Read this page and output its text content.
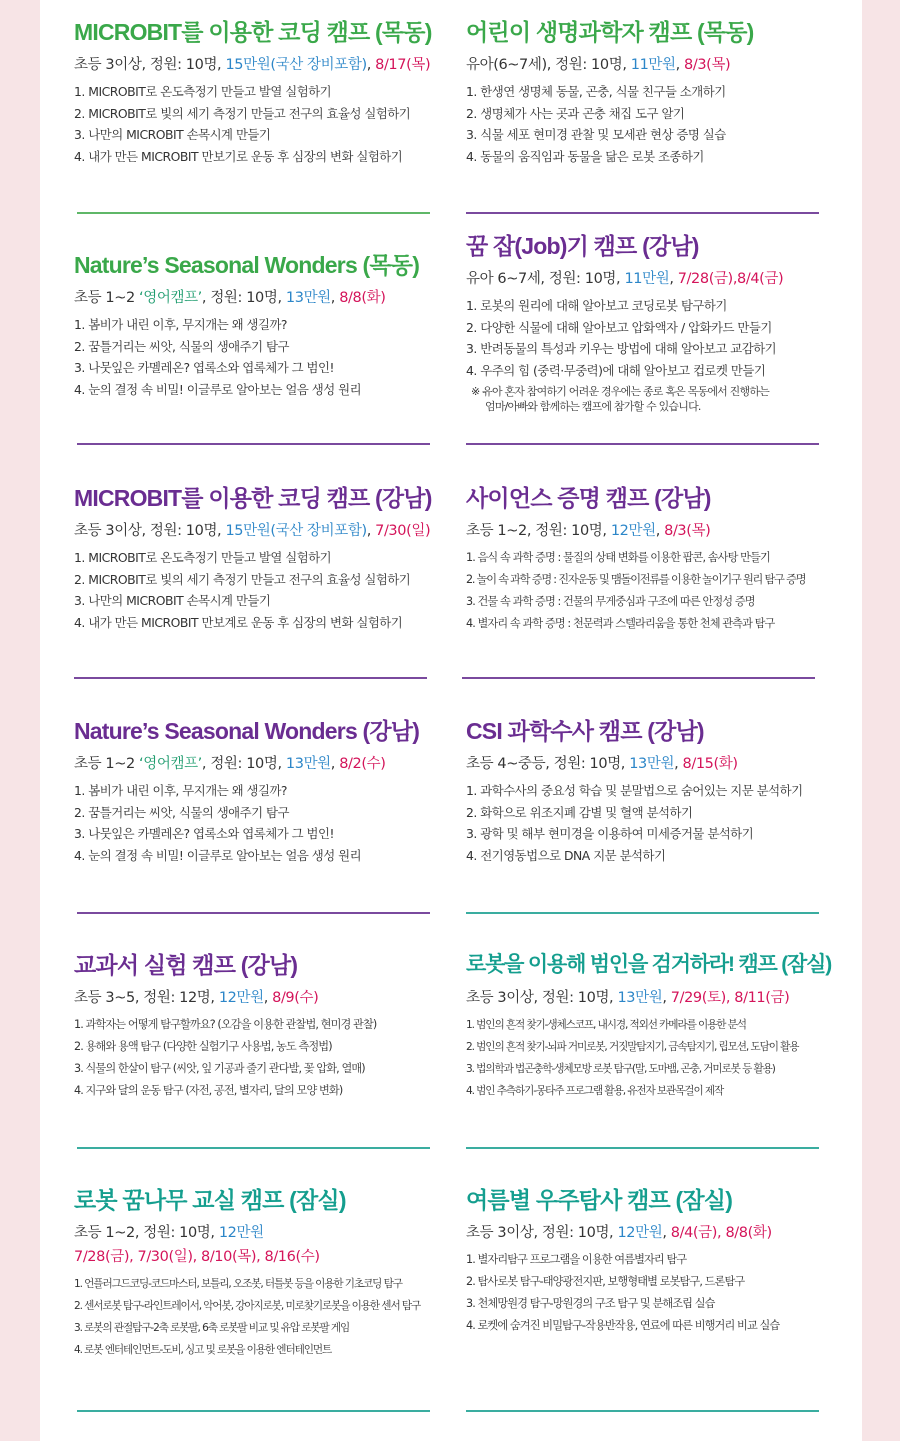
MICROBIT를 이용한 코딩 캠프 (목동)

초등 3이상, 정원: 10명, 15만원(국산 장비포함), 8/17(목)

1. MICROBIT로 온도측정기 만들고 발열 실험하기
2. MICROBIT로 빛의 세기 측정기 만들고 전구의 효율성 실험하기
3. 나만의 MICROBIT 손목시계 만들기
4. 내가 만든 MICROBIT 만보기로 운동 후 심장의 변화 실험하기
어린이 생명과학자 캠프 (목동)

유아(6~7세), 정원: 10명, 11만원, 8/3(목)

1. 한생연 생명체 동물, 곤충, 식물 친구들 소개하기
2. 생명체가 사는 곳과 곤충 채집 도구 알기
3. 식물 세포 현미경 관찰 및 모세관 현상 증명 실습
4. 동물의 움직임과 동물을 닮은 로봇 조종하기
Nature’s Seasonal Wonders (목동)

초등 1~2 ‘영어캠프’, 정원: 10명, 13만원, 8/8(화)

1. 봄비가 내린 이후, 무지개는 왜 생길까?
2. 꿈틀거리는 씨앗, 식물의 생애주기 탐구
3. 나뭇잎은 카멜레온? 엽록소와 엽록체가 그 범인!
4. 눈의 결정 속 비밀! 이글루로 알아보는 얼음 생성 원리
꿈 잡(Job)기 캠프 (강남)

유아 6~7세, 정원: 10명, 11만원, 7/28(금),8/4(금)

1. 로봇의 원리에 대해 알아보고 코딩로봇 탐구하기
2. 다양한 식물에 대해 알아보고 압화액자 / 압화카드 만들기
3. 반려동물의 특성과 키우는 방법에 대해 알아보고 교감하기
4. 우주의 힘 (중력·무중력)에 대해 알아보고 컵로켓 만들기
※ 유아 혼자 참여하기 어려운 경우에는 종로 혹은 목동에서 진행하는
엄마/아빠와 함께하는 캠프에 참가할 수 있습니다.
MICROBIT를 이용한 코딩 캠프 (강남)

초등 3이상, 정원: 10명, 15만원(국산 장비포함), 7/30(일)

1. MICROBIT로 온도측정기 만들고 발열 실험하기
2. MICROBIT로 빛의 세기 측정기 만들고 전구의 효율성 실험하기
3. 나만의 MICROBIT 손목시계 만들기
4. 내가 만든 MICROBIT 만보계로 운동 후 심장의 변화 실험하기
사이언스 증명 캠프 (강남)

초등 1~2, 정원: 10명, 12만원, 8/3(목)

1. 음식 속 과학 증명 : 물질의 상태 변화를 이용한 팝콘, 솜사탕 만들기
2. 놀이 속 과학 증명 : 진자운동 및 맴돌이전류를 이용한 놀이기구 원리 탐구 증명
3. 건물 속 과학 증명 : 건물의 무게중심과 구조에 따른 안정성 증명
4. 별자리 속 과학 증명 : 천문력과 스텔라리움을 통한 천체 관측과 탐구
Nature’s Seasonal Wonders (강남)

초등 1~2 ‘영어캠프’, 정원: 10명, 13만원, 8/2(수)

1. 봄비가 내린 이후, 무지개는 왜 생길까?
2. 꿈틀거리는 씨앗, 식물의 생애주기 탐구
3. 나뭇잎은 카멜레온? 엽록소와 엽록체가 그 범인!
4. 눈의 결정 속 비밀! 이글루로 알아보는 얼음 생성 원리
CSI 과학수사 캠프 (강남)

초등 4~중등, 정원: 10명, 13만원, 8/15(화)

1. 과학수사의 중요성 학습 및 분말법으로 숨어있는 지문 분석하기
2. 화학으로 위조지폐 감별 및 혈액 분석하기
3. 광학 및 해부 현미경을 이용하여 미세증거물 분석하기
4. 전기영동법으로 DNA 지문 분석하기
교과서 실험 캠프 (강남)

초등 3~5, 정원: 12명, 12만원, 8/9(수)

1. 과학자는 어떻게 탐구할까요? (오감을 이용한 관찰법, 현미경 관찰)
2. 용해와 용액 탐구 (다양한 실험기구 사용법, 농도 측정법)
3. 식물의 한살이 탐구 (씨앗, 잎 기공과 줄기 관다발, 꽃 압화, 열매)
4. 지구와 달의 운동 탐구 (자전, 공전, 별자리, 달의 모양 변화)
로봇을 이용해 범인을 검거하라! 캠프 (잠실)

초등 3이상, 정원: 10명, 13만원, 7/29(토), 8/11(금)

1. 범인의 흔적 찾기-생체스코프, 내시경, 적외선 카메라를 이용한 분석
2. 범인의 흔적 찾기-뇌파 거미로봇, 거짓말탐지기, 금속탐지기, 립모션, 도담이 활용
3. 법의학과 법곤충학-생체모방 로봇 탐구(말, 도마뱀, 곤충, 거미로봇 등 활용)
4. 범인 추측하기-몽타주 프로그램 활용, 유전자 보관목걸이 제작
로봇 꿈나무 교실 캠프 (잠실)

초등 1~2, 정원: 10명, 12만원

7/28(금), 7/30(일), 8/10(목), 8/16(수)

1. 언플러그드코딩-코드마스터, 보틀리, 오조봇, 터틀봇 등을 이용한 기초코딩 탐구
2. 센서로봇 탐구-라인트레이서, 악어봇, 강아지로봇, 미로찾기로봇을 이용한 센서 탐구
3. 로봇의 관절탐구-2축 로봇팔, 6축 로봇팔 비교 및 유압 로봇팔 게임
4. 로봇 엔터테인먼트-도비, 싱고 및 로봇을 이용한 엔터테인먼트
여름별 우주탐사 캠프 (잠실)

초등 3이상, 정원: 10명, 12만원, 8/4(금), 8/8(화)

1. 별자리탐구 프로그램을 이용한 여름별자리 탐구
2. 탐사로봇 탐구-태양광전지판, 보행형태별 로봇탐구, 드론탐구
3. 천체망원경 탐구-망원경의 구조 탐구 및 분해조립 실습
4. 로켓에 숨겨진 비밀탐구-작용반작용, 연료에 따른 비행거리 비교 실습
